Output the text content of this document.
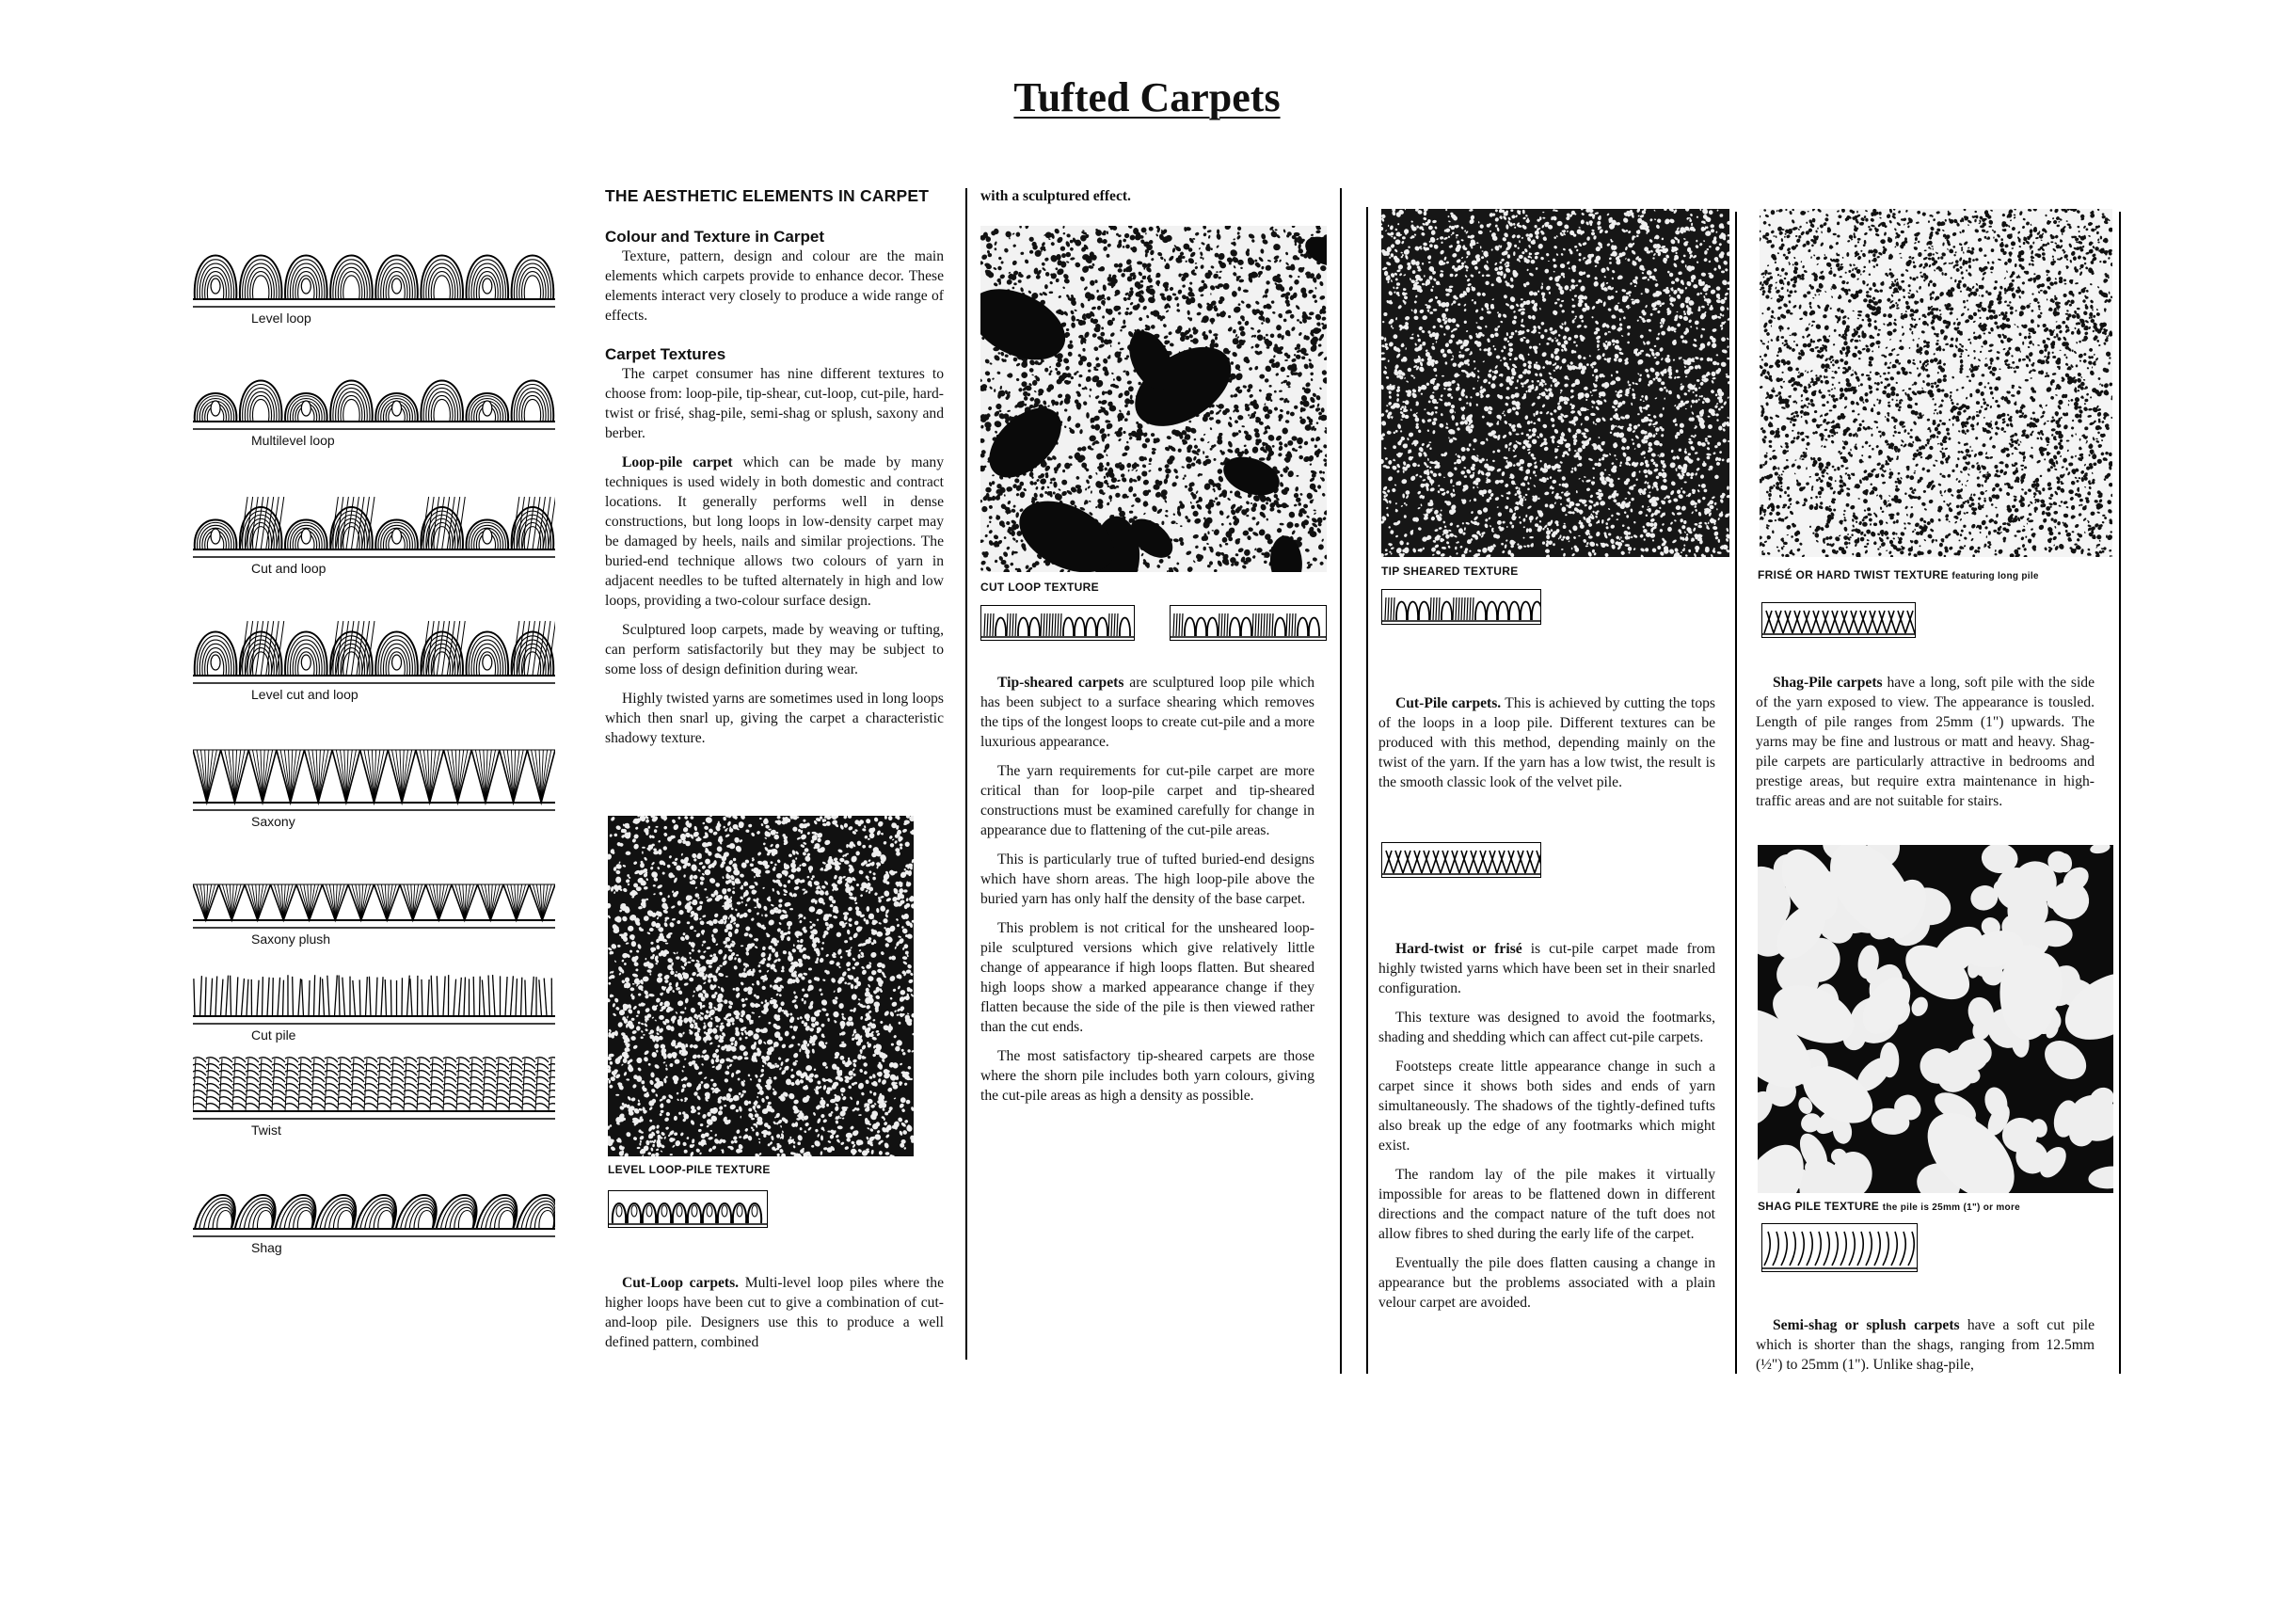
Tufted Carpets
Level loop
Multilevel loop
Cut and loop
Level cut and loop
Saxony
Saxony plush
Cut pile
Twist
Shag
THE AESTHETIC ELEMENTS IN CARPET
Colour and Texture in Carpet

Texture, pattern, design and colour are the main elements which carpets provide to enhance decor. These elements interact very closely to produce a wide range of effects.

Carpet Textures

The carpet consumer has nine different textures to choose from: loop-pile, tip-shear, cut-loop, cut-pile, hard-twist or frisé, shag-pile, semi-shag or splush, saxony and berber.

Loop-pile carpet which can be made by many techniques is used widely in both domestic and contract locations. It generally performs well in dense constructions, but long loops in low-density carpet may be damaged by heels, nails and similar projections. The buried-end technique allows two colours of yarn in adjacent needles to be tufted alternately in high and low loops, providing a two-colour surface design.

Sculptured loop carpets, made by weaving or tufting, can perform satisfactorily but they may be subject to some loss of design definition during wear.

Highly twisted yarns are sometimes used in long loops which then snarl up, giving the carpet a characteristic shadowy texture.

LEVEL LOOP-PILE TEXTURE

Cut-Loop carpets. Multi-level loop piles where the higher loops have been cut to give a combination of cut-and-loop pile. Designers use this to produce a well defined pattern, combined

with a sculptured effect.
CUT LOOP TEXTURE

Tip-sheared carpets are sculptured loop pile which has been subject to a surface shearing which removes the tips of the longest loops to create cut-pile and a more luxurious appearance.

The yarn requirements for cut-pile carpet are more critical than for loop-pile carpet and tip-sheared constructions must be examined carefully for change in appearance due to flattening of the cut-pile areas.

This is particularly true of tufted buried-end designs which have shorn areas. The high loop-pile above the buried yarn has only half the density of the base carpet.

This problem is not critical for the unsheared loop-pile sculptured versions which give relatively little change of appearance if high loops flatten. But sheared high loops show a marked appearance change if they flatten because the side of the pile is then viewed rather than the cut ends.

The most satisfactory tip-sheared carpets are those where the shorn pile includes both yarn colours, giving the cut-pile areas as high a density as possible.

TIP SHEARED TEXTURE

Cut-Pile carpets. This is achieved by cutting the tops of the loops in a loop pile. Different textures can be produced with this method, depending mainly on the twist of the yarn. If the yarn has a low twist, the result is the smooth classic look of the velvet pile.

Hard-twist or frisé is cut-pile carpet made from highly twisted yarns which have been set in their snarled configuration.

This texture was designed to avoid the footmarks, shading and shedding which can affect cut-pile carpets.

Footsteps create little appearance change in such a carpet since it shows both sides and ends of yarn simultaneously. The shadows of the tightly-defined tufts also break up the edge of any footmarks which might exist.

The random lay of the pile makes it virtually impossible for areas to be flattened down in different directions and the compact nature of the tuft does not allow fibres to shed during the early life of the carpet.

Eventually the pile does flatten causing a change in appearance but the problems associated with a plain velour carpet are avoided.

FRISÉ OR HARD TWIST TEXTURE featuring long pile

Shag-Pile carpets have a long, soft pile with the side of the yarn exposed to view. The appearance is tousled. Length of pile ranges from 25mm (1") upwards. The yarns may be fine and lustrous or matt and heavy. Shag-pile carpets are particularly attractive in bedrooms and prestige areas, but require extra maintenance in high-traffic areas and are not suitable for stairs.

SHAG PILE TEXTURE the pile is 25mm (1") or more

Semi-shag or splush carpets have a soft cut pile which is shorter than the shags, ranging from 12.5mm (½") to 25mm (1"). Unlike shag-pile,
